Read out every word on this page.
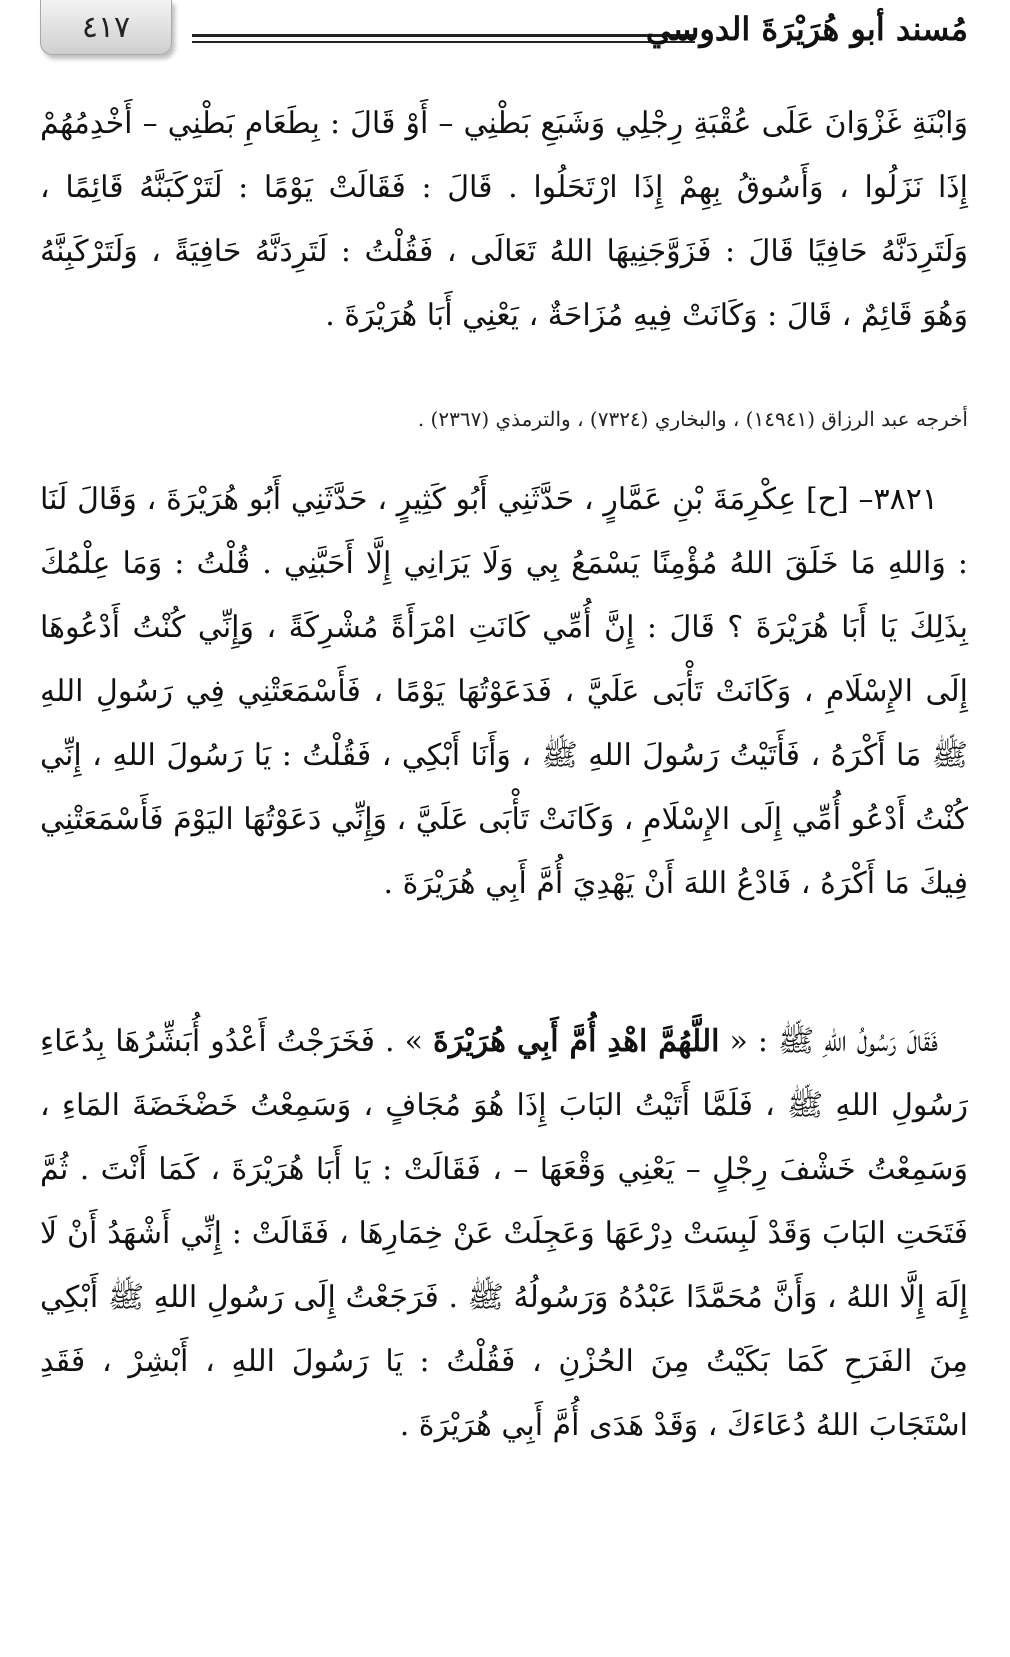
٤١٧	مُسند أبو هُرَيْرَةَ الدوسي

وَابْنَةِ غَزْوَانَ عَلَى عُقْبَةِ رِجْلِي وَشَبَعِ بَطْنِي – أَوْ قَالَ : بِطَعَامِ بَطْنِي – أَخْدِمُهُمْ إِذَا نَزَلُوا ، وَأَسُوقُ بِهِمْ إِذَا ارْتَحَلُوا . قَالَ : فَقَالَتْ يَوْمًا : لَتَرْكَبَنَّهُ قَائِمًا ، وَلَتَرِدَنَّهُ حَافِيًا قَالَ : فَزَوَّجَنِيهَا اللهُ تَعَالَى ، فَقُلْتُ : لَتَرِدَنَّهُ حَافِيَةً ، وَلَتَرْكَبِنَّهُ وَهُوَ قَائِمٌ ، قَالَ : وَكَانَتْ فِيهِ مُزَاحَةٌ ، يَعْنِي أَبَا هُرَيْرَةَ .

أخرجه عبد الرزاق (١٤٩٤١) ، والبخاري (٧٣٢٤) ، والترمذي (٢٣٦٧) .

٣٨٢١– [ح] عِكْرِمَةَ بْنِ عَمَّارٍ ، حَدَّثَنِي أَبُو كَثِيرٍ ، حَدَّثَنِي أَبُو هُرَيْرَةَ ، وَقَالَ لَنَا : وَاللهِ مَا خَلَقَ اللهُ مُؤْمِنًا يَسْمَعُ بِي وَلَا يَرَانِي إِلَّا أَحَبَّنِي . قُلْتُ : وَمَا عِلْمُكَ بِذَلِكَ يَا أَبَا هُرَيْرَةَ ؟ قَالَ : إِنَّ أُمِّي كَانَتِ امْرَأَةً مُشْرِكَةً ، وَإِنِّي كُنْتُ أَدْعُوهَا إِلَى الإِسْلَامِ ، وَكَانَتْ تَأْبَى عَلَيَّ ، فَدَعَوْتُهَا يَوْمًا ، فَأَسْمَعَتْنِي فِي رَسُولِ اللهِ ﷺ مَا أَكْرَهُ ، فَأَتَيْتُ رَسُولَ اللهِ ﷺ ، وَأَنَا أَبْكِي ، فَقُلْتُ : يَا رَسُولَ اللهِ ، إِنِّي كُنْتُ أَدْعُو أُمِّي إِلَى الإِسْلَامِ ، وَكَانَتْ تَأْبَى عَلَيَّ ، وَإِنِّي دَعَوْتُهَا اليَوْمَ فَأَسْمَعَتْنِي فِيكَ مَا أَكْرَهُ ، فَادْعُ اللهَ أَنْ يَهْدِيَ أُمَّ أَبِي هُرَيْرَةَ .

فَقَالَ رَسُولُ اللهِ ﷺ : « اللَّهُمَّ اهْدِ أُمَّ أَبِي هُرَيْرَةَ » . فَخَرَجْتُ أَعْدُو أُبَشِّرُهَا بِدُعَاءِ رَسُولِ اللهِ ﷺ ، فَلَمَّا أَتَيْتُ البَابَ إِذَا هُوَ مُجَافٍ ، وَسَمِعْتُ خَضْخَضَةَ المَاءِ ، وَسَمِعْتُ خَشْفَ رِجْلٍ – يَعْنِي وَقْعَهَا – ، فَقَالَتْ : يَا أَبَا هُرَيْرَةَ ، كَمَا أَنْتَ . ثُمَّ فَتَحَتِ البَابَ وَقَدْ لَبِسَتْ دِرْعَهَا وَعَجِلَتْ عَنْ خِمَارِهَا ، فَقَالَتْ : إِنِّي أَشْهَدُ أَنْ لَا إِلَهَ إِلَّا اللهُ ، وَأَنَّ مُحَمَّدًا عَبْدُهُ وَرَسُولُهُ ﷺ . فَرَجَعْتُ إِلَى رَسُولِ اللهِ ﷺ أَبْكِي مِنَ الفَرَحِ كَمَا بَكَيْتُ مِنَ الحُزْنِ ، فَقُلْتُ : يَا رَسُولَ اللهِ ، أَبْشِرْ ، فَقَدِ اسْتَجَابَ اللهُ دُعَاءَكَ ، وَقَدْ هَدَى أُمَّ أَبِي هُرَيْرَةَ .
